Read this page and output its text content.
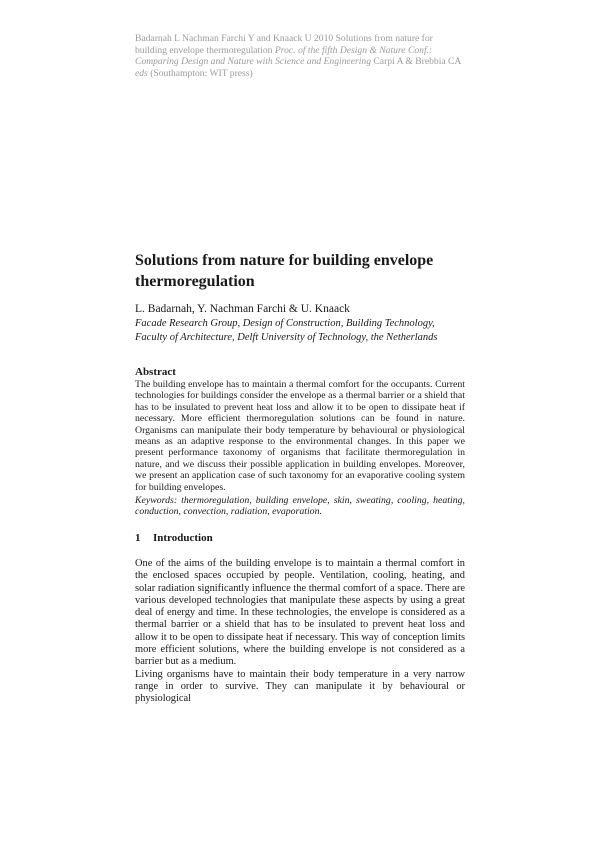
Badarnah L Nachman Farchi Y and Knaack U 2010 Solutions from nature for building envelope thermoregulation Proc. of the fifth Design & Nature Conf.: Comparing Design and Nature with Science and Engineering Carpi A & Brebbia CA eds (Southampton: WIT press)
Solutions from nature for building envelope thermoregulation
L. Badarnah, Y. Nachman Farchi & U. Knaack
Facade Research Group, Design of Construction, Building Technology, Faculty of Architecture, Delft University of Technology, the Netherlands
Abstract

The building envelope has to maintain a thermal comfort for the occupants. Current technologies for buildings consider the envelope as a thermal barrier or a shield that has to be insulated to prevent heat loss and allow it to be open to dissipate heat if necessary. More efficient thermoregulation solutions can be found in nature. Organisms can manipulate their body temperature by behavioural or physiological means as an adaptive response to the environmental changes. In this paper we present performance taxonomy of organisms that facilitate thermoregulation in nature, and we discuss their possible application in building envelopes. Moreover, we present an application case of such taxonomy for an evaporative cooling system for building envelopes.

Keywords: thermoregulation, building envelope, skin, sweating, cooling, heating, conduction, convection, radiation, evaporation.

1 Introduction

One of the aims of the building envelope is to maintain a thermal comfort in the enclosed spaces occupied by people. Ventilation, cooling, heating, and solar radiation significantly influence the thermal comfort of a space. There are various developed technologies that manipulate these aspects by using a great deal of energy and time. In these technologies, the envelope is considered as a thermal barrier or a shield that has to be insulated to prevent heat loss and allow it to be open to dissipate heat if necessary. This way of conception limits more efficient solutions, where the building envelope is not considered as a barrier but as a medium.

Living organisms have to maintain their body temperature in a very narrow range in order to survive. They can manipulate it by behavioural or physiological
